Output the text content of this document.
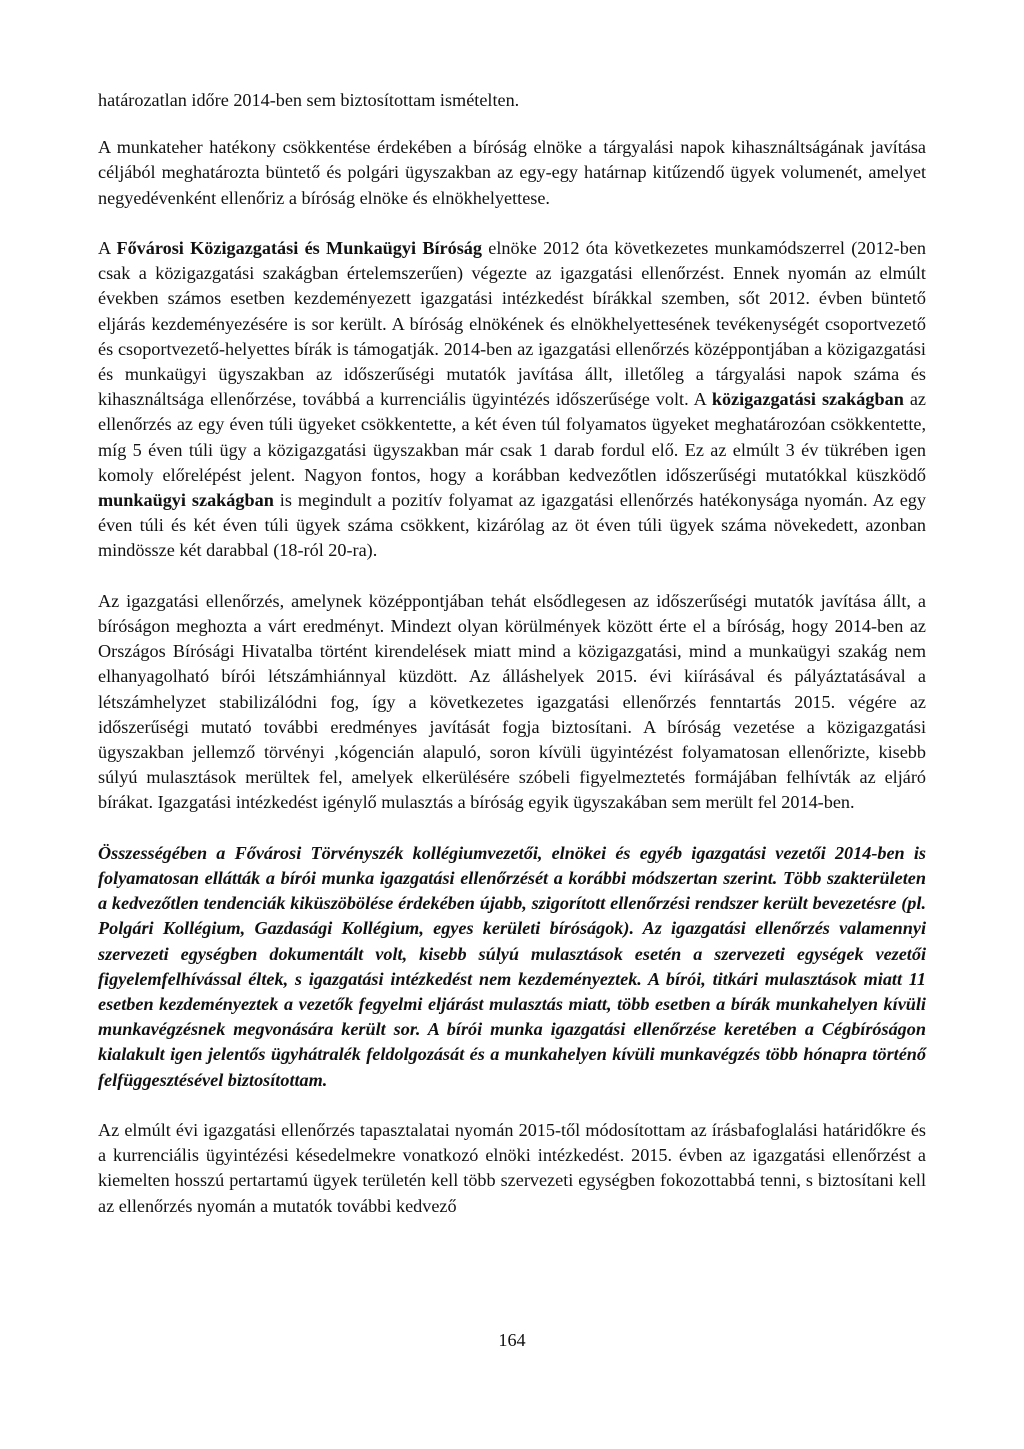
határozatlan időre 2014-ben sem biztosítottam ismételten.

A munkateher hatékony csökkentése érdekében a bíróság elnöke a tárgyalási napok kihasználtságának javítása céljából meghatározta büntető és polgári ügyszakban az egy-egy határnap kitűzendő ügyek volumenét, amelyet negyedévenként ellenőriz a bíróság elnöke és elnökhelyettese.

A Fővárosi Közigazgatási és Munkaügyi Bíróság elnöke 2012 óta következetes munkamódszerrel (2012-ben csak a közigazgatási szakágban értelemszerűen) végezte az igazgatási ellenőrzést. Ennek nyomán az elmúlt években számos esetben kezdeményezett igazgatási intézkedést bírákkal szemben, sőt 2012. évben büntető eljárás kezdeményezésére is sor került. A bíróság elnökének és elnökhelyettesének tevékenységét csoportvezető és csoportvezető-helyettes bírák is támogatják. 2014-ben az igazgatási ellenőrzés középpontjában a közigazgatási és munkaügyi ügyszakban az időszerűségi mutatók javítása állt, illetőleg a tárgyalási napok száma és kihasználtsága ellenőrzése, továbbá a kurrenciális ügyintézés időszerűsége volt. A közigazgatási szakágban az ellenőrzés az egy éven túli ügyeket csökkentette, a két éven túl folyamatos ügyeket meghatározóan csökkentette, míg 5 éven túli ügy a közigazgatási ügyszakban már csak 1 darab fordul elő. Ez az elmúlt 3 év tükrében igen komoly előrelépést jelent. Nagyon fontos, hogy a korábban kedvezőtlen időszerűségi mutatókkal küszködő munkaügyi szakágban is megindult a pozitív folyamat az igazgatási ellenőrzés hatékonysága nyomán. Az egy éven túli és két éven túli ügyek száma csökkent, kizárólag az öt éven túli ügyek száma növekedett, azonban mindössze két darabbal (18-ról 20-ra).

Az igazgatási ellenőrzés, amelynek középpontjában tehát elsődlegesen az időszerűségi mutatók javítása állt, a bíróságon meghozta a várt eredményt. Mindezt olyan körülmények között érte el a bíróság, hogy 2014-ben az Országos Bírósági Hivatalba történt kirendelések miatt mind a közigazgatási, mind a munkaügyi szakág nem elhanyagolható bírói létszámhiánnyal küzdött. Az álláshelyek 2015. évi kiírásával és pályáztatásával a létszámhelyzet stabilizálódni fog, így a következetes igazgatási ellenőrzés fenntartás 2015. végére az időszerűségi mutató további eredményes javítását fogja biztosítani. A bíróság vezetése a közigazgatási ügyszakban jellemző törvényi ‚kógencián alapuló, soron kívüli ügyintézést folyamatosan ellenőrizte, kisebb súlyú mulasztások merültek fel, amelyek elkerülésére szóbeli figyelmeztetés formájában felhívták az eljáró bírákat. Igazgatási intézkedést igénylő mulasztás a bíróság egyik ügyszakában sem merült fel 2014-ben.

Összességében a Fővárosi Törvényszék kollégiumvezetői, elnökei és egyéb igazgatási vezetői 2014-ben is folyamatosan ellátták a bírói munka igazgatási ellenőrzését a korábbi módszertan szerint. Több szakterületen a kedvezőtlen tendenciák kiküszöbölése érdekében újabb, szigorított ellenőrzési rendszer került bevezetésre (pl. Polgári Kollégium, Gazdasági Kollégium, egyes kerületi bíróságok). Az igazgatási ellenőrzés valamennyi szervezeti egységben dokumentált volt, kisebb súlyú mulasztások esetén a szervezeti egységek vezetői figyelemfelhívással éltek, s igazgatási intézkedést nem kezdeményeztek. A bírói, titkári mulasztások miatt 11 esetben kezdeményeztek a vezetők fegyelmi eljárást mulasztás miatt, több esetben a bírák munkahelyen kívüli munkavégzésnek megvonására került sor. A bírói munka igazgatási ellenőrzése keretében a Cégbíróságon kialakult igen jelentős ügyhátralék feldolgozását és a munkahelyen kívüli munkavégzés több hónapra történő felfüggesztésével biztosítottam.

Az elmúlt évi igazgatási ellenőrzés tapasztalatai nyomán 2015-től módosítottam az írásbafoglalási határidőkre és a kurrenciális ügyintézési késedelmekre vonatkozó elnöki intézkedést. 2015. évben az igazgatási ellenőrzést a kiemelten hosszú pertartamú ügyek területén kell több szervezeti egységben fokozottabbá tenni, s biztosítani kell az ellenőrzés nyomán a mutatók további kedvező

164
